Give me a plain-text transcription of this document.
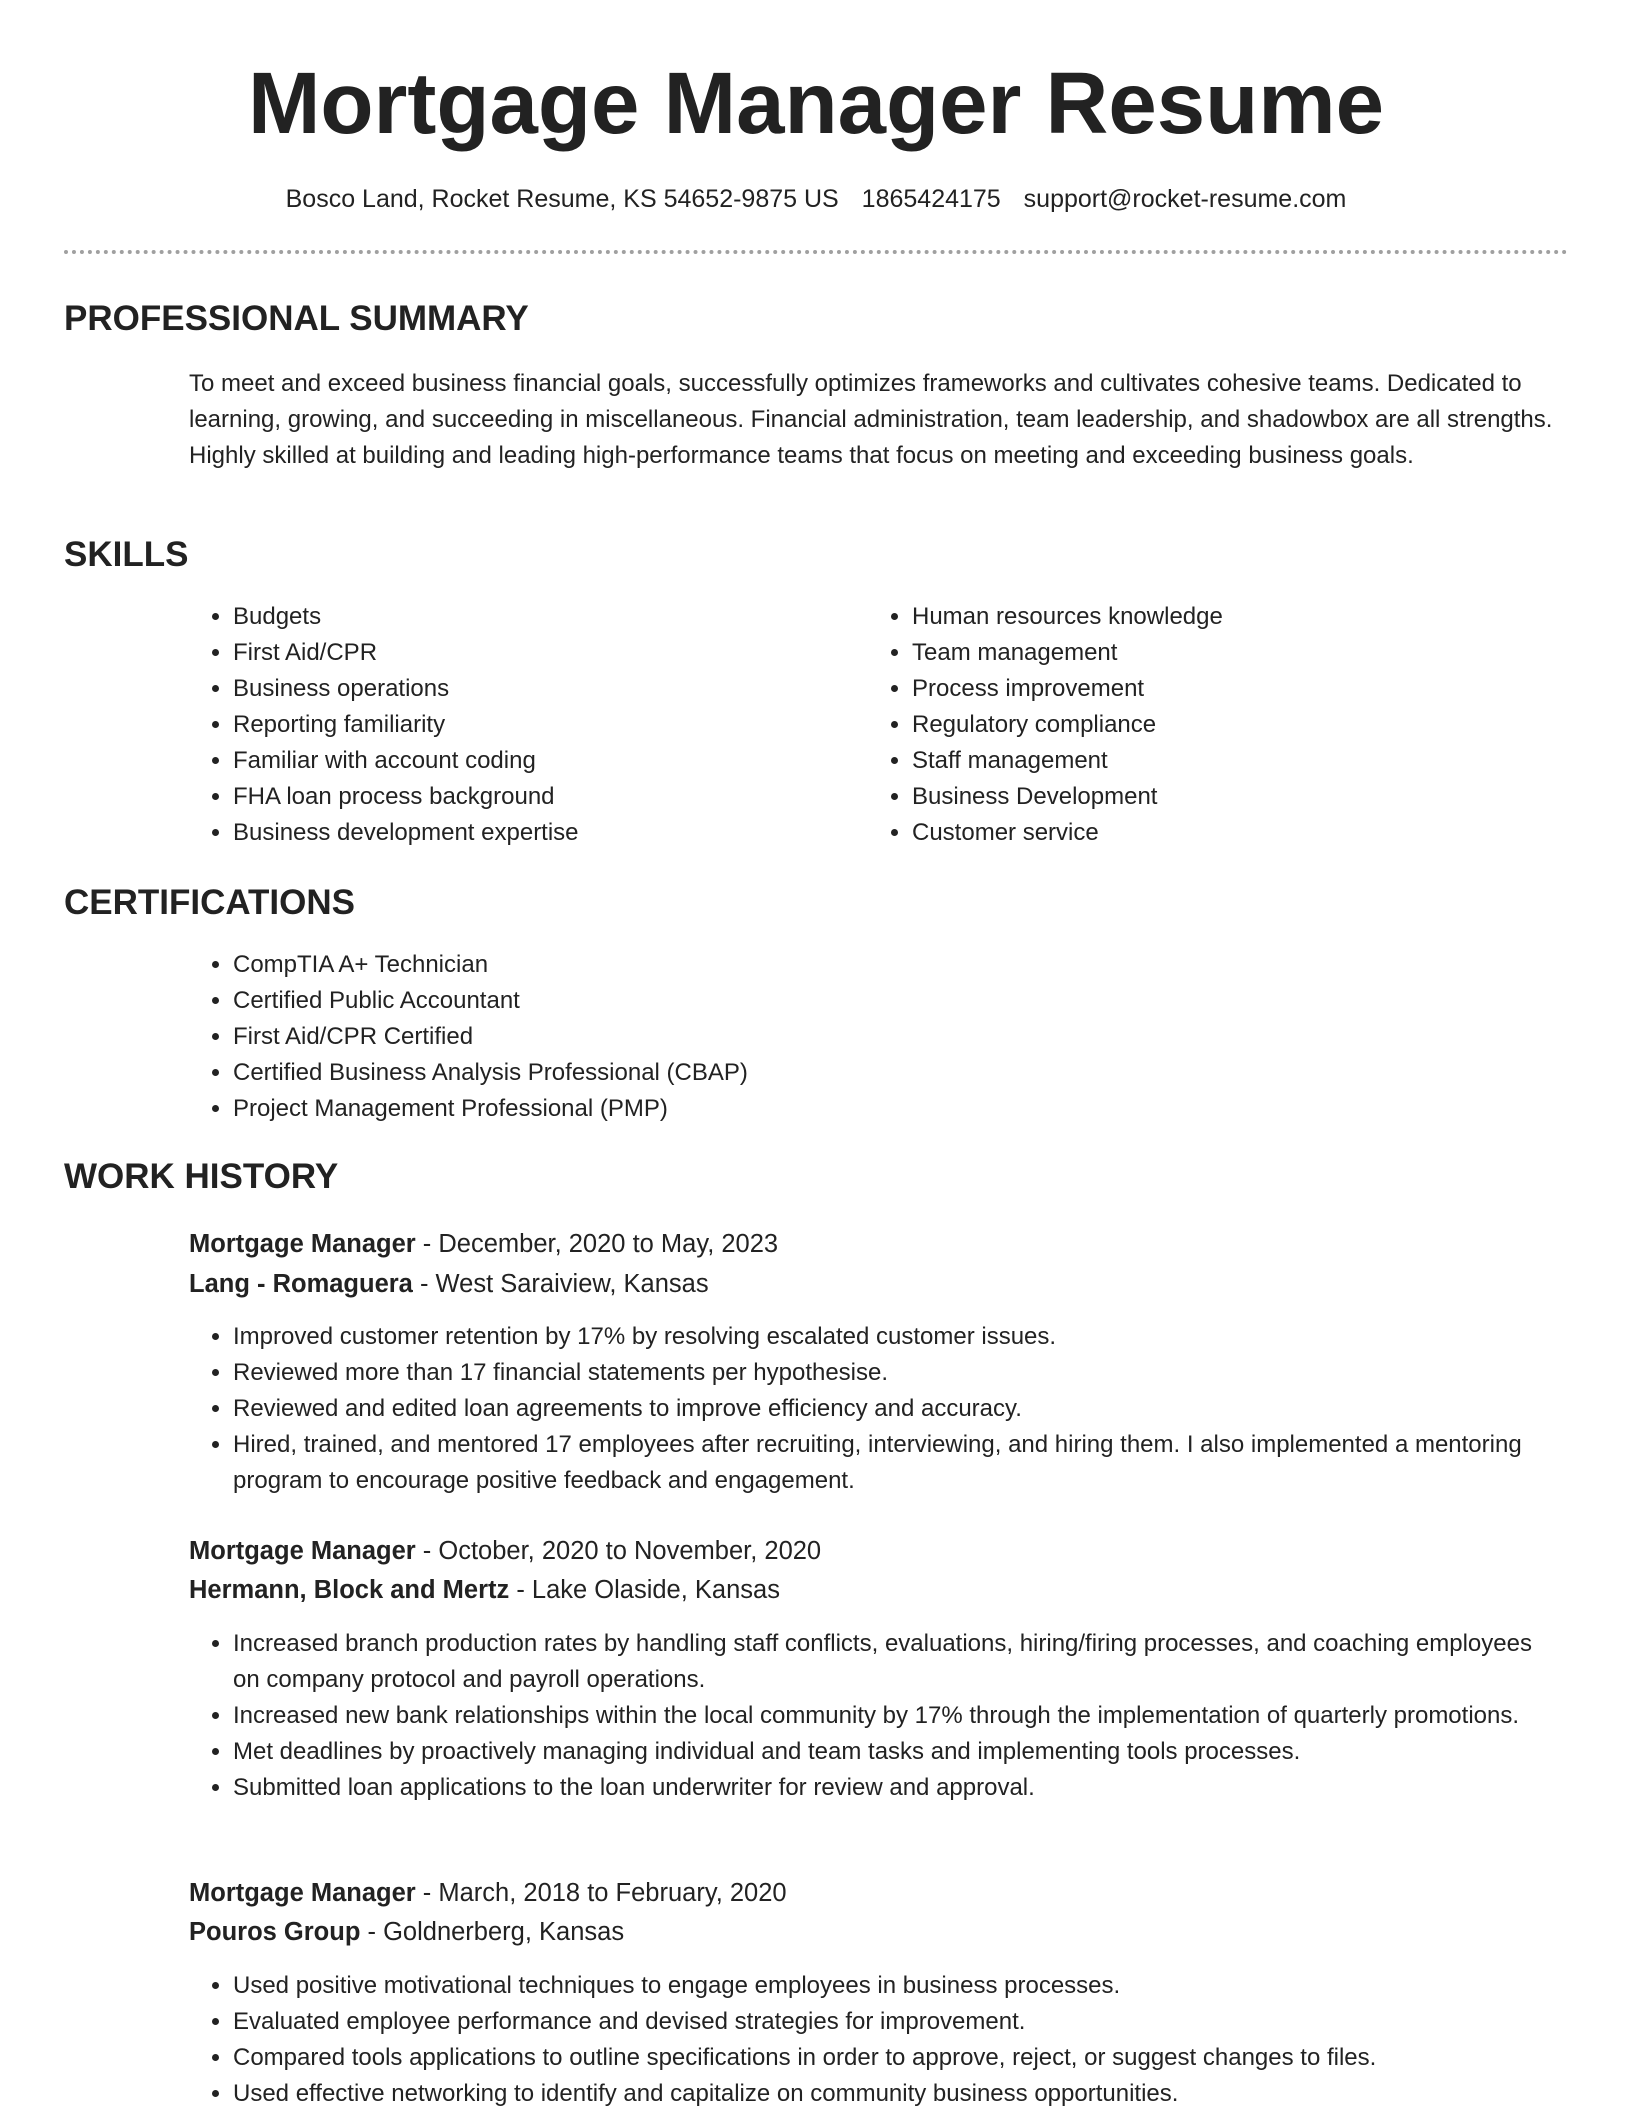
Mortgage Manager Resume
Bosco Land, Rocket Resume, KS 54652-9875 US 1865424175 support@rocket-resume.com
PROFESSIONAL SUMMARY

To meet and exceed business financial goals, successfully optimizes frameworks and cultivates cohesive teams. Dedicated to learning, growing, and succeeding in miscellaneous. Financial administration, team leadership, and shadowbox are all strengths. Highly skilled at building and leading high-performance teams that focus on meeting and exceeding business goals.

SKILLS
• Budgets
• First Aid/CPR
• Business operations
• Reporting familiarity
• Familiar with account coding
• FHA loan process background
• Business development expertise
• Human resources knowledge
• Team management
• Process improvement
• Regulatory compliance
• Staff management
• Business Development
• Customer service
CERTIFICATIONS
• CompTIA A+ Technician
• Certified Public Accountant
• First Aid/CPR Certified
• Certified Business Analysis Professional (CBAP)
• Project Management Professional (PMP)
WORK HISTORY
Mortgage Manager - December, 2020 to May, 2023
Lang - Romaguera - West Saraiview, Kansas
• Improved customer retention by 17% by resolving escalated customer issues.
• Reviewed more than 17 financial statements per hypothesise.
• Reviewed and edited loan agreements to improve efficiency and accuracy.
• Hired, trained, and mentored 17 employees after recruiting, interviewing, and hiring them. I also implemented a mentoring program to encourage positive feedback and engagement.
Mortgage Manager - October, 2020 to November, 2020
Hermann, Block and Mertz - Lake Olaside, Kansas
• Increased branch production rates by handling staff conflicts, evaluations, hiring/firing processes, and coaching employees on company protocol and payroll operations.
• Increased new bank relationships within the local community by 17% through the implementation of quarterly promotions.
• Met deadlines by proactively managing individual and team tasks and implementing tools processes.
• Submitted loan applications to the loan underwriter for review and approval.
Mortgage Manager - March, 2018 to February, 2020
Pouros Group - Goldnerberg, Kansas
• Used positive motivational techniques to engage employees in business processes.
• Evaluated employee performance and devised strategies for improvement.
• Compared tools applications to outline specifications in order to approve, reject, or suggest changes to files.
• Used effective networking to identify and capitalize on community business opportunities.
